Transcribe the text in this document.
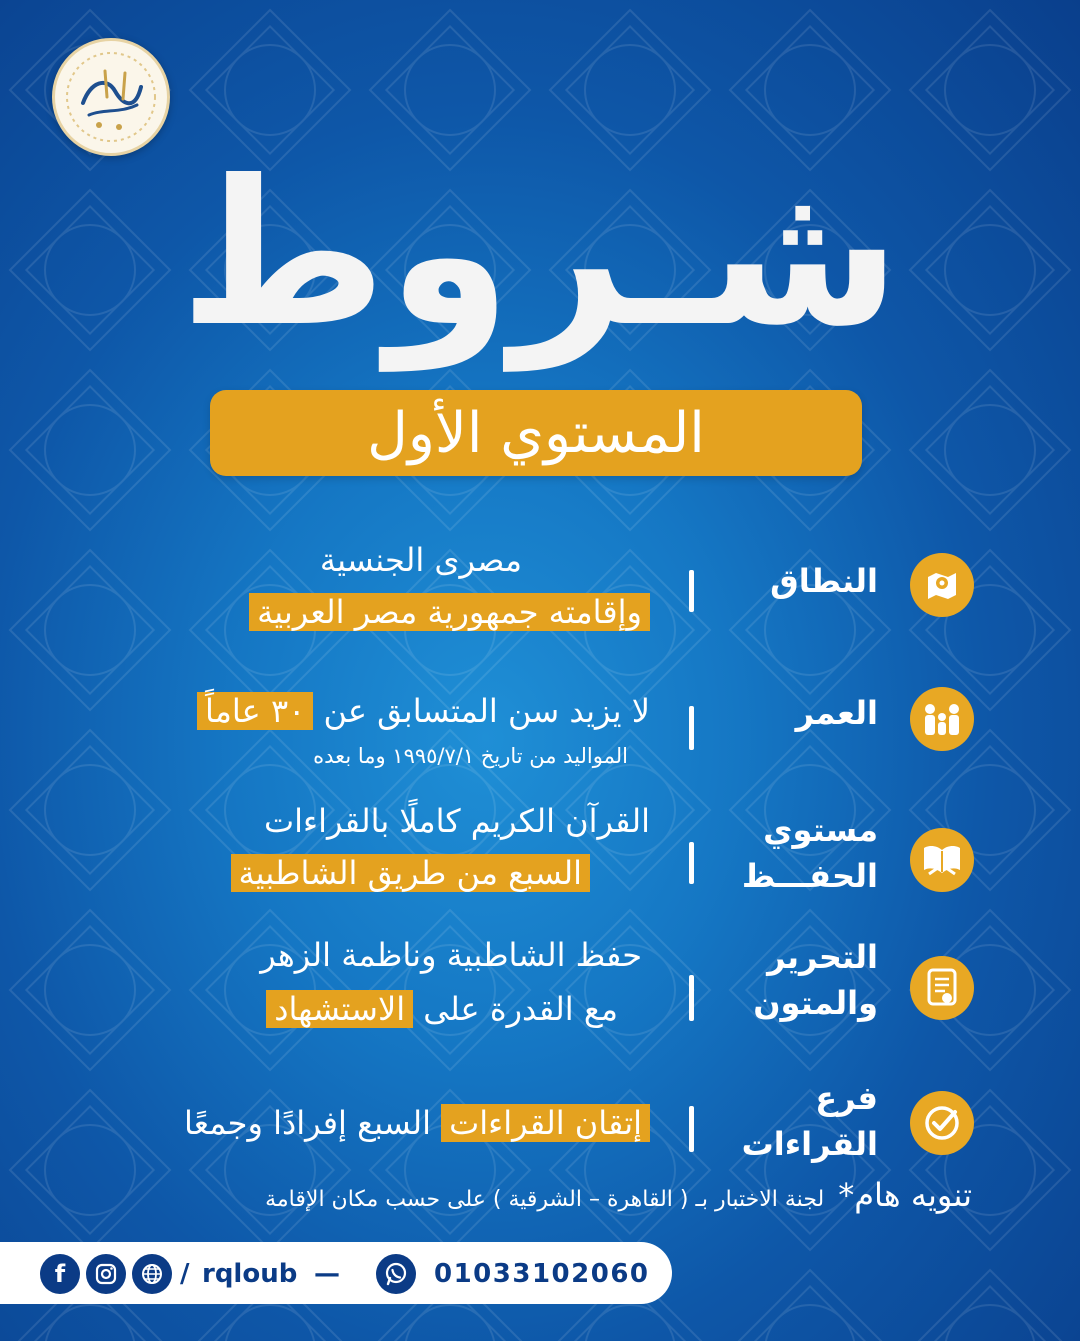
شـروط
المستوي الأول
النطاق
مصرى الجنسية
وإقامته جمهورية مصر العربية
العمر
لا يزيد سن المتسابق عن ٣٠ عاماً
المواليد من تاريخ ١٩٩٥/٧/١ وما بعده
مستوي
الحفـــظ
القرآن الكريم كاملًا بالقراءات
السبع من طريق الشاطبية
التحرير
والمتون
حفظ الشاطبية وناظمة الزهر
مع القدرة على الاستشهاد
فرع
القراءات
إتقان القراءات السبع إفرادًا وجمعًا
تنويه هام*  لجنة الاختبار بـ ( القاهرة – الشرقية ) على حسب مكان الإقامة
f	/ rqloub —	01033102060
